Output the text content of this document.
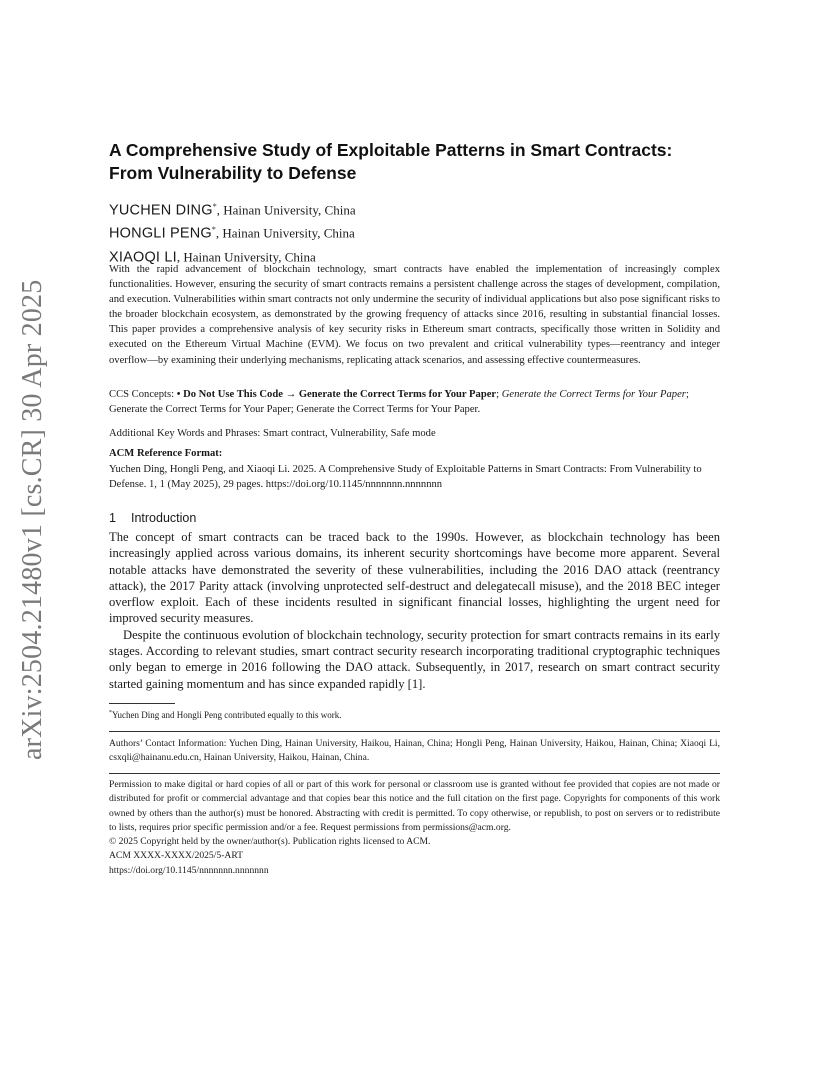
arXiv:2504.21480v1 [cs.CR] 30 Apr 2025
A Comprehensive Study of Exploitable Patterns in Smart Contracts:
From Vulnerability to Defense
YUCHEN DING*, Hainan University, China
HONGLI PENG*, Hainan University, China
XIAOQI LI, Hainan University, China
With the rapid advancement of blockchain technology, smart contracts have enabled the implementation of increasingly complex functionalities. However, ensuring the security of smart contracts remains a persistent challenge across the stages of development, compilation, and execution. Vulnerabilities within smart contracts not only undermine the security of individual applications but also pose significant risks to the broader blockchain ecosystem, as demonstrated by the growing frequency of attacks since 2016, resulting in substantial financial losses. This paper provides a comprehensive analysis of key security risks in Ethereum smart contracts, specifically those written in Solidity and executed on the Ethereum Virtual Machine (EVM). We focus on two prevalent and critical vulnerability types—reentrancy and integer overflow—by examining their underlying mechanisms, replicating attack scenarios, and assessing effective countermeasures.
CCS Concepts: • Do Not Use This Code → Generate the Correct Terms for Your Paper; Generate the Correct Terms for Your Paper; Generate the Correct Terms for Your Paper; Generate the Correct Terms for Your Paper.
Additional Key Words and Phrases: Smart contract, Vulnerability, Safe mode
ACM Reference Format:
Yuchen Ding, Hongli Peng, and Xiaoqi Li. 2025. A Comprehensive Study of Exploitable Patterns in Smart Contracts: From Vulnerability to Defense. 1, 1 (May 2025), 29 pages. https://doi.org/10.1145/nnnnnnn.nnnnnnn
1 Introduction

The concept of smart contracts can be traced back to the 1990s. However, as blockchain technology has been increasingly applied across various domains, its inherent security shortcomings have become more apparent. Several notable attacks have demonstrated the severity of these vulnerabilities, including the 2016 DAO attack (reentrancy attack), the 2017 Parity attack (involving unprotected self-destruct and delegatecall misuse), and the 2018 BEC integer overflow exploit. Each of these incidents resulted in significant financial losses, highlighting the urgent need for improved security measures.

Despite the continuous evolution of blockchain technology, security protection for smart contracts remains in its early stages. According to relevant studies, smart contract security research incorporating traditional cryptographic techniques only began to emerge in 2016 following the DAO attack. Subsequently, in 2017, research on smart contract security started gaining momentum and has since expanded rapidly [1].

*Yuchen Ding and Hongli Peng contributed equally to this work.
Authors’ Contact Information: Yuchen Ding, Hainan University, Haikou, Hainan, China; Hongli Peng, Hainan University, Haikou, Hainan, China; Xiaoqi Li, csxqli@hainanu.edu.cn, Hainan University, Haikou, Hainan, China.
Permission to make digital or hard copies of all or part of this work for personal or classroom use is granted without fee provided that copies are not made or distributed for profit or commercial advantage and that copies bear this notice and the full citation on the first page. Copyrights for components of this work owned by others than the author(s) must be honored. Abstracting with credit is permitted. To copy otherwise, or republish, to post on servers or to redistribute to lists, requires prior specific permission and/or a fee. Request permissions from permissions@acm.org.
© 2025 Copyright held by the owner/author(s). Publication rights licensed to ACM.
ACM XXXX-XXXX/2025/5-ART
https://doi.org/10.1145/nnnnnnn.nnnnnnn
